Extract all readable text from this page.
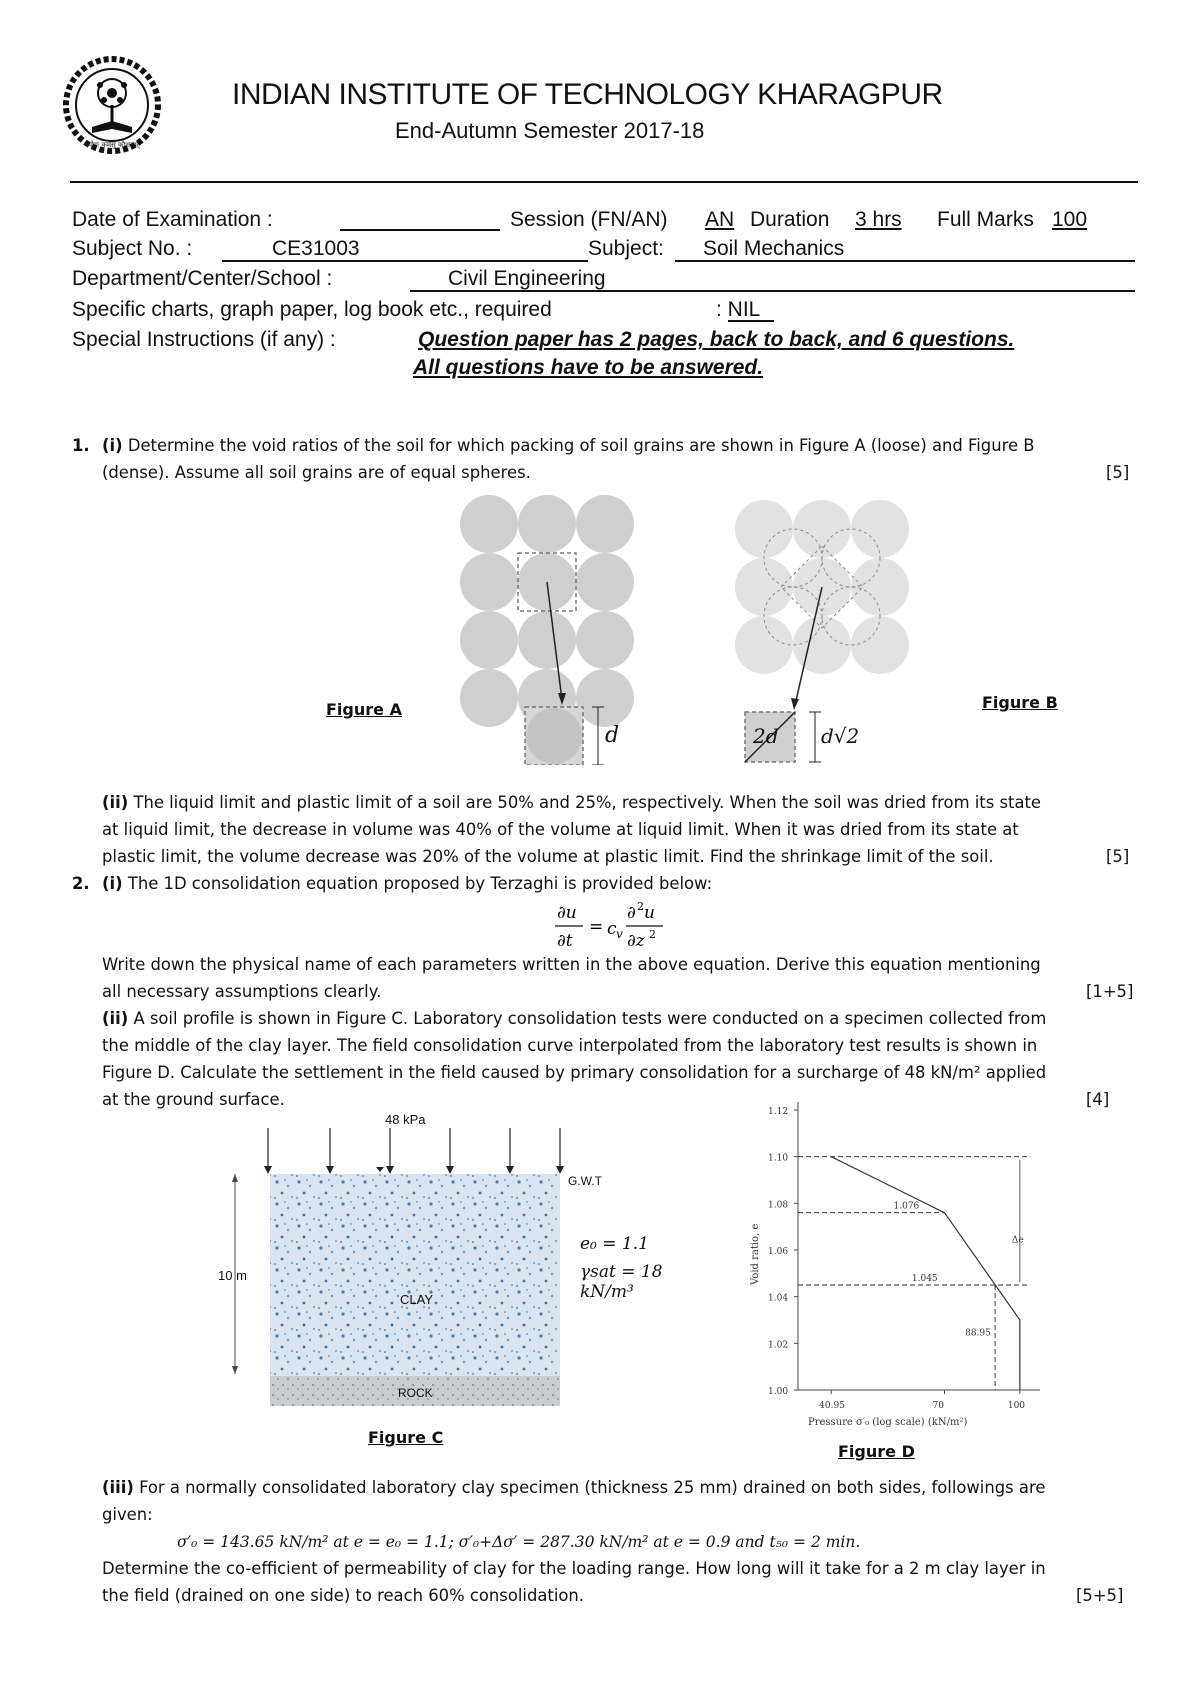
योगः कर्मसु कौशलम्
INDIAN INSTITUTE OF TECHNOLOGY KHARAGPUR
End-Autumn Semester 2017-18
Date of Examination :	Session (FN/AN) AN Duration 3 hrs	Full Marks 100
Subject No. :	CE31003	Subject: Soil Mechanics
Department/Center/School :	Civil Engineering
Specific charts, graph paper, log book etc., required	: NIL
Special Instructions (if any) :	Question paper has 2 pages, back to back, and 6 questions.
All questions have to be answered.
1. (i) Determine the void ratios of the soil for which packing of soil grains are shown in Figure A (loose) and Figure B
(dense). Assume all soil grains are of equal spheres.	[5]
d
Figure A
2d d√2
Figure B
(ii) The liquid limit and plastic limit of a soil are 50% and 25%, respectively. When the soil was dried from its state
at liquid limit, the decrease in volume was 40% of the volume at liquid limit. When it was dried from its state at
plastic limit, the volume decrease was 20% of the volume at plastic limit. Find the shrinkage limit of the soil.	[5]
2. (i) The 1D consolidation equation proposed by Terzaghi is provided below:
∂u
∂t
= c v
∂ 2 u
∂z 2
Write down the physical name of each parameters written in the above equation. Derive this equation mentioning
all necessary assumptions clearly.	[1+5]
(ii) A soil profile is shown in Figure C. Laboratory consolidation tests were conducted on a specimen collected from
the middle of the clay layer. The field consolidation curve interpolated from the laboratory test results is shown in
Figure D. Calculate the settlement in the field caused by primary consolidation for a surcharge of 48 kN/m² applied
at the ground surface.	[4]
48 kPa
G.W.T
10 m
CLAY
ROCK
e₀ = 1.1
γsat = 18 kN/m³
Figure C
1.00
1.02
1.04
1.06
1.08
1.10
1.12
40.95	70	100
1.076
1.045
88.95
Δe
Pressure σ′₀ (log scale) (kN/m²)
Void ratio, e
Figure D
(iii) For a normally consolidated laboratory clay specimen (thickness 25 mm) drained on both sides, followings are
given:
σ′₀ = 143.65 kN/m² at e = e₀ = 1.1; σ′₀+Δσ′ = 287.30 kN/m² at e = 0.9 and t₅₀ = 2 min.
Determine the co-efficient of permeability of clay for the loading range. How long will it take for a 2 m clay layer in
the field (drained on one side) to reach 60% consolidation.	[5+5]
